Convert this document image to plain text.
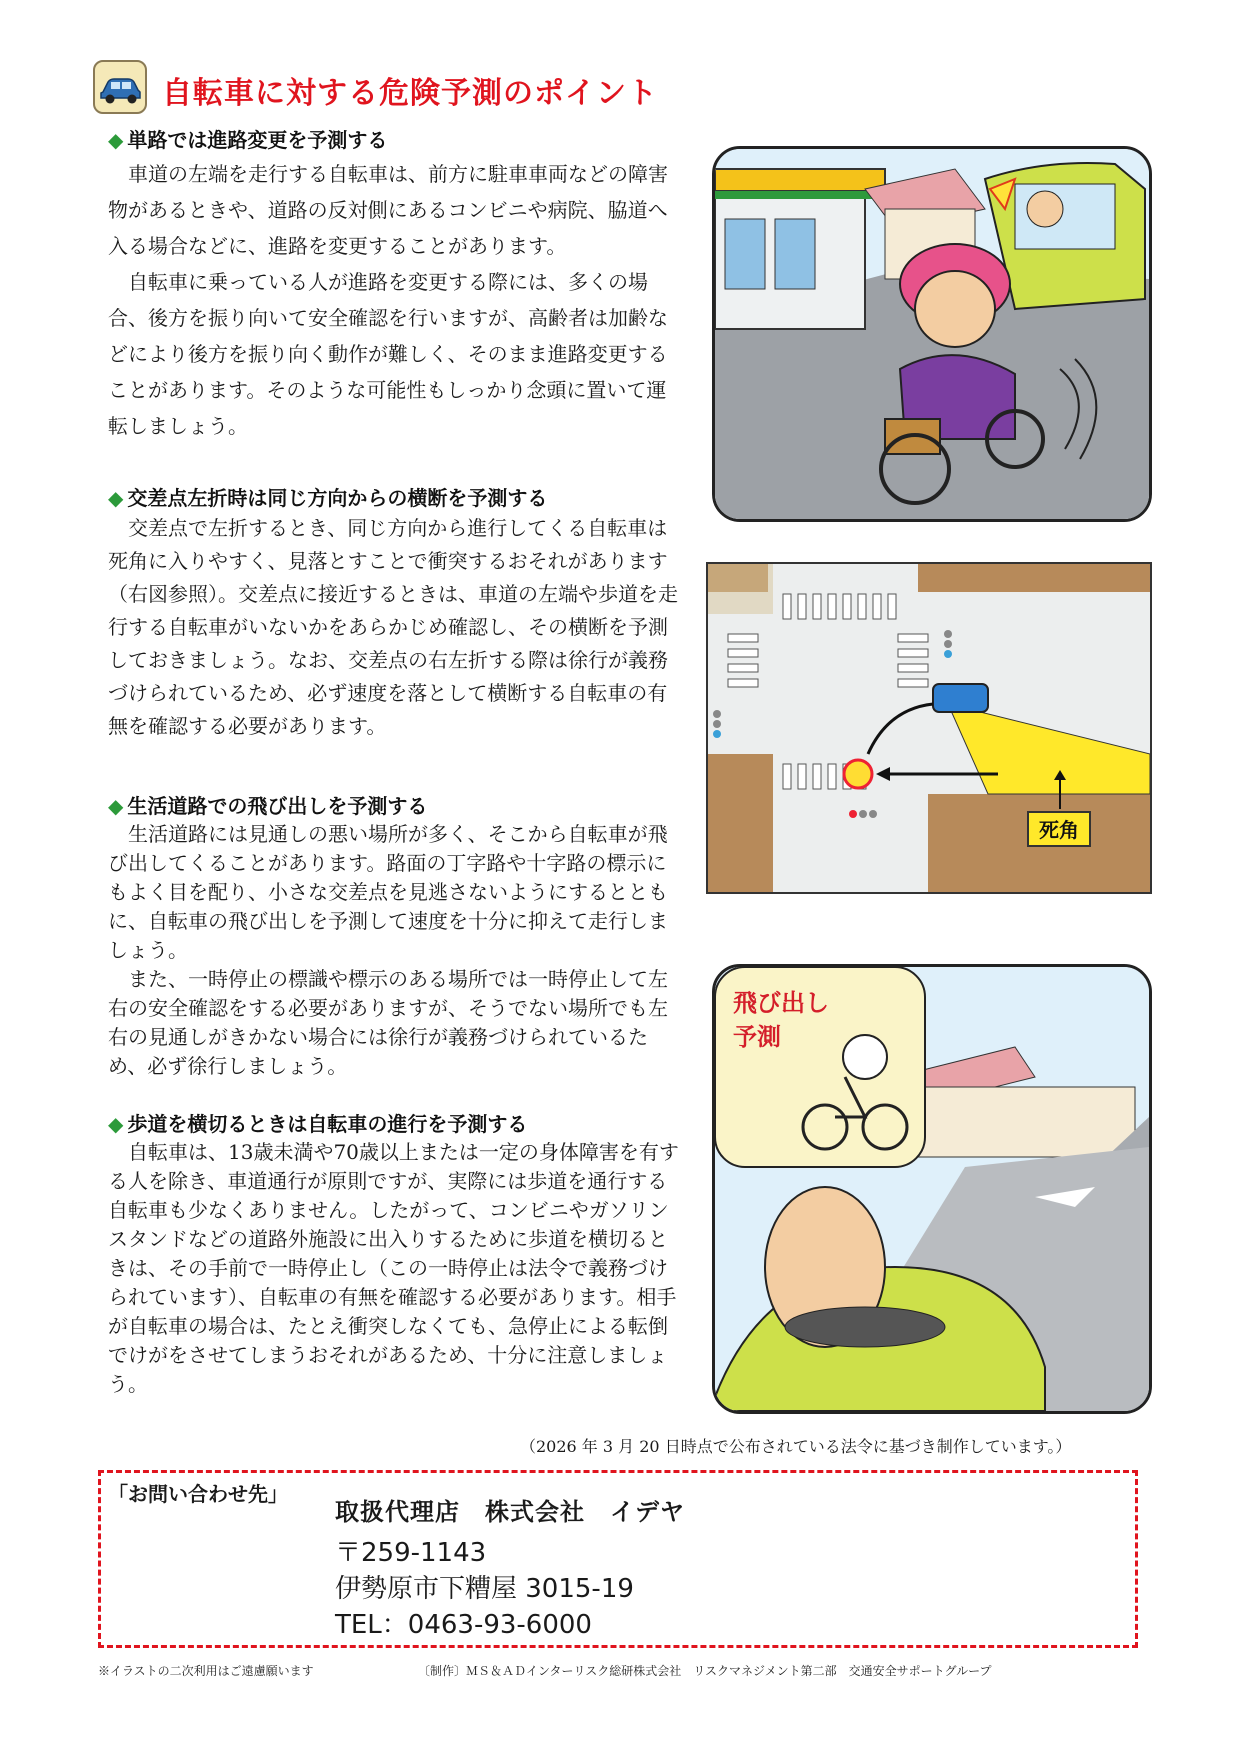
自転車に対する危険予測のポイント
◆ 単路では進路変更を予測する

車道の左端を走行する自転車は、前方に駐車車両などの障害物があるときや、道路の反対側にあるコンビニや病院、脇道へ入る場合などに、進路を変更することがあります。

自転車に乗っている人が進路を変更する際には、多くの場合、後方を振り向いて安全確認を行いますが、高齢者は加齢などにより後方を振り向く動作が難しく、そのまま進路変更することがあります。そのような可能性もしっかり念頭に置いて運転しましょう。

◆ 交差点左折時は同じ方向からの横断を予測する

交差点で左折するとき、同じ方向から進行してくる自転車は死角に入りやすく、見落とすことで衝突するおそれがあります（右図参照）。交差点に接近するときは、車道の左端や歩道を走行する自転車がいないかをあらかじめ確認し、その横断を予測しておきましょう。なお、交差点の右左折する際は徐行が義務づけられているため、必ず速度を落として横断する自転車の有無を確認する必要があります。

◆ 生活道路での飛び出しを予測する

生活道路には見通しの悪い場所が多く、そこから自転車が飛び出してくることがあります。路面の丁字路や十字路の標示にもよく目を配り、小さな交差点を見逃さないようにするとともに、自転車の飛び出しを予測して速度を十分に抑えて走行しましょう。

また、一時停止の標識や標示のある場所では一時停止して左右の安全確認をする必要がありますが、そうでない場所でも左右の見通しがきかない場合には徐行が義務づけられているため、必ず徐行しましょう。

◆ 歩道を横切るときは自転車の進行を予測する

自転車は、13歳未満や70歳以上または一定の身体障害を有する人を除き、車道通行が原則ですが、実際には歩道を通行する自転車も少なくありません。したがって、コンビニやガソリンスタンドなどの道路外施設に出入りするために歩道を横切るときは、その手前で一時停止し（この一時停止は法令で義務づけられています）、自転車の有無を確認する必要があります。相手が自転車の場合は、たとえ衝突しなくても、急停止による転倒でけがをさせてしまうおそれがあるため、十分に注意しましょう。

死角
飛び出し
予測
（2026 年 3 月 20 日時点で公布されている法令に基づき制作しています。）
「お問い合わせ先」
取扱代理店　株式会社　イデヤ
〒259-1143
伊勢原市下糟屋 3015-19
TEL：0463-93-6000
※イラストの二次利用はご遠慮願います	〔制作〕ＭＳ＆ＡＤインターリスク総研株式会社　リスクマネジメント第二部　交通安全サポートグループ
